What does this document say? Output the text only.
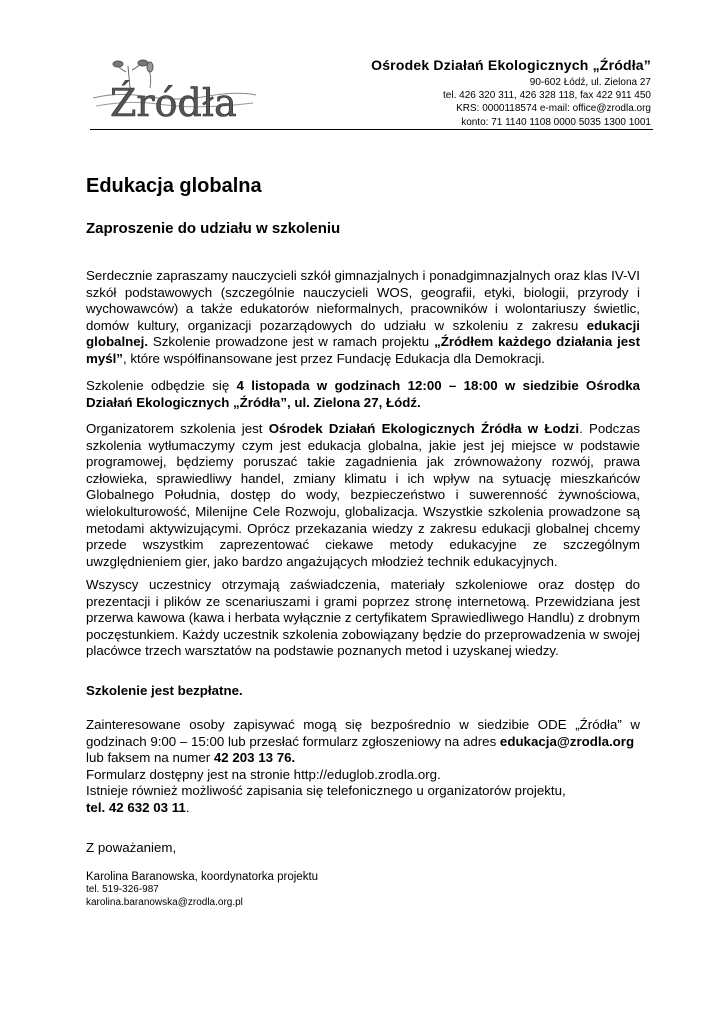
Źródła
Ośrodek Działań Ekologicznych „Źródła”
90-602 Łódź, ul. Zielona 27
tel. 426 320 311, 426 328 118, fax 422 911 450
KRS: 0000118574 e-mail: office@zrodla.org
konto: 71 1140 1108 0000 5035 1300 1001
Edukacja globalna
Zaproszenie do udziału w szkoleniu

Serdecznie zapraszamy nauczycieli szkół gimnazjalnych i ponadgimnazjalnych oraz klas IV-VI szkół podstawowych (szczególnie nauczycieli WOS, geografii, etyki, biologii, przyrody i wychowawców) a także edukatorów nieformalnych, pracowników i wolontariuszy świetlic, domów kultury, organizacji pozarządowych do udziału w szkoleniu z zakresu edukacji globalnej. Szkolenie prowadzone jest w ramach projektu „Źródłem każdego działania jest myśl”, które współfinansowane jest przez Fundację Edukacja dla Demokracji.

Szkolenie odbędzie się 4 listopada w godzinach 12:00 – 18:00 w siedzibie Ośrodka Działań Ekologicznych „Źródła”, ul. Zielona 27, Łódź.

Organizatorem szkolenia jest Ośrodek Działań Ekologicznych Źródła w Łodzi. Podczas szkolenia wytłumaczymy czym jest edukacja globalna, jakie jest jej miejsce w podstawie programowej, będziemy poruszać takie zagadnienia jak zrównoważony rozwój, prawa człowieka, sprawiedliwy handel, zmiany klimatu i ich wpływ na sytuację mieszkańców Globalnego Południa, dostęp do wody, bezpieczeństwo i suwerenność żywnościowa, wielokulturowość, Milenijne Cele Rozwoju, globalizacja. Wszystkie szkolenia prowadzone są metodami aktywizującymi. Oprócz przekazania wiedzy z zakresu edukacji globalnej chcemy przede wszystkim zaprezentować ciekawe metody edukacyjne ze szczególnym uwzględnieniem gier, jako bardzo angażujących młodzież technik edukacyjnych.

Wszyscy uczestnicy otrzymają zaświadczenia, materiały szkoleniowe oraz dostęp do prezentacji i plików ze scenariuszami i grami poprzez stronę internetową. Przewidziana jest przerwa kawowa (kawa i herbata wyłącznie z certyfikatem Sprawiedliwego Handlu) z drobnym poczęstunkiem. Każdy uczestnik szkolenia zobowiązany będzie do przeprowadzenia w swojej placówce trzech warsztatów na podstawie poznanych metod i uzyskanej wiedzy.

Szkolenie jest bezpłatne.

Zainteresowane osoby zapisywać mogą się bezpośrednio w siedzibie ODE „Źródła” w godzinach 9:00 – 15:00 lub przesłać formularz zgłoszeniowy na adres edukacja@zrodla.org

lub faksem na numer 42 203 13 76.

Formularz dostępny jest na stronie http://eduglob.zrodla.org.

Istnieje również możliwość zapisania się telefonicznego u organizatorów projektu,

tel. 42 632 03 11.

Z poważaniem,

Karolina Baranowska, koordynatorka projektu
tel. 519-326-987
karolina.baranowska@zrodla.org.pl
